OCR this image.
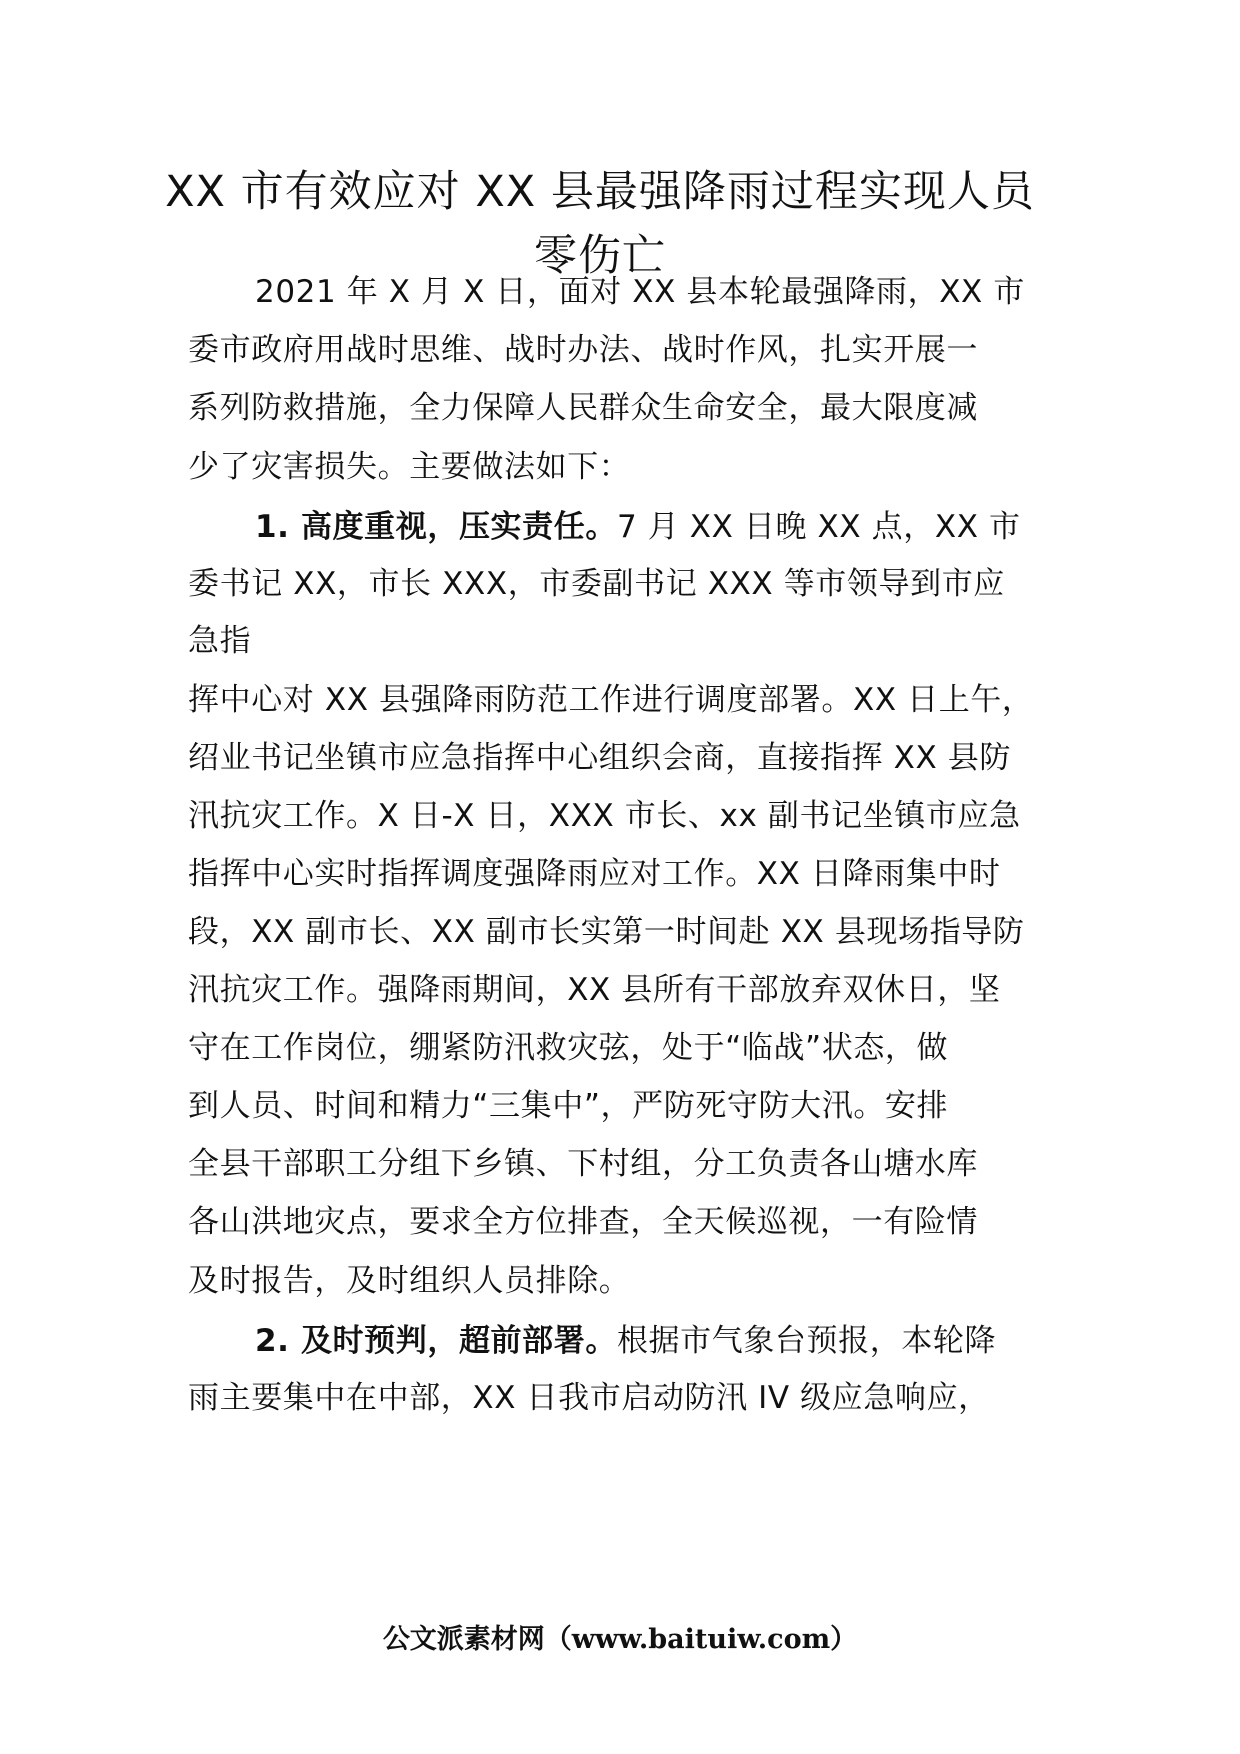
XX 市有效应对 XX 县最强降雨过程实现人员
零伤亡

2021 年 X 月 X 日，面对 XX 县本轮最强降雨，XX 市

委市政府用战时思维、战时办法、战时作风，扎实开展一

系列防救措施，全力保障人民群众生命安全，最大限度减

少了灾害损失。主要做法如下：

1. 高度重视，压实责任。7 月 XX 日晚 XX 点，XX 市

委书记 XX，市长 XXX，市委副书记 XXX 等市领导到市应

急指

挥中心对 XX 县强降雨防范工作进行调度部署。XX 日上午，

绍业书记坐镇市应急指挥中心组织会商，直接指挥 XX 县防

汛抗灾工作。X 日-X 日，XXX 市长、xx 副书记坐镇市应急

指挥中心实时指挥调度强降雨应对工作。XX 日降雨集中时

段，XX 副市长、XX 副市长实第一时间赴 XX 县现场指导防

汛抗灾工作。强降雨期间，XX 县所有干部放弃双休日，坚

守在工作岗位，绷紧防汛救灾弦，处于“临战”状态，做

到人员、时间和精力“三集中”，严防死守防大汛。安排

全县干部职工分组下乡镇、下村组，分工负责各山塘水库

各山洪地灾点，要求全方位排查，全天候巡视，一有险情

及时报告，及时组织人员排除。

2. 及时预判，超前部署。根据市气象台预报，本轮降

雨主要集中在中部，XX 日我市启动防汛 IV 级应急响应，

公文派素材网（www.baituiw.com）
